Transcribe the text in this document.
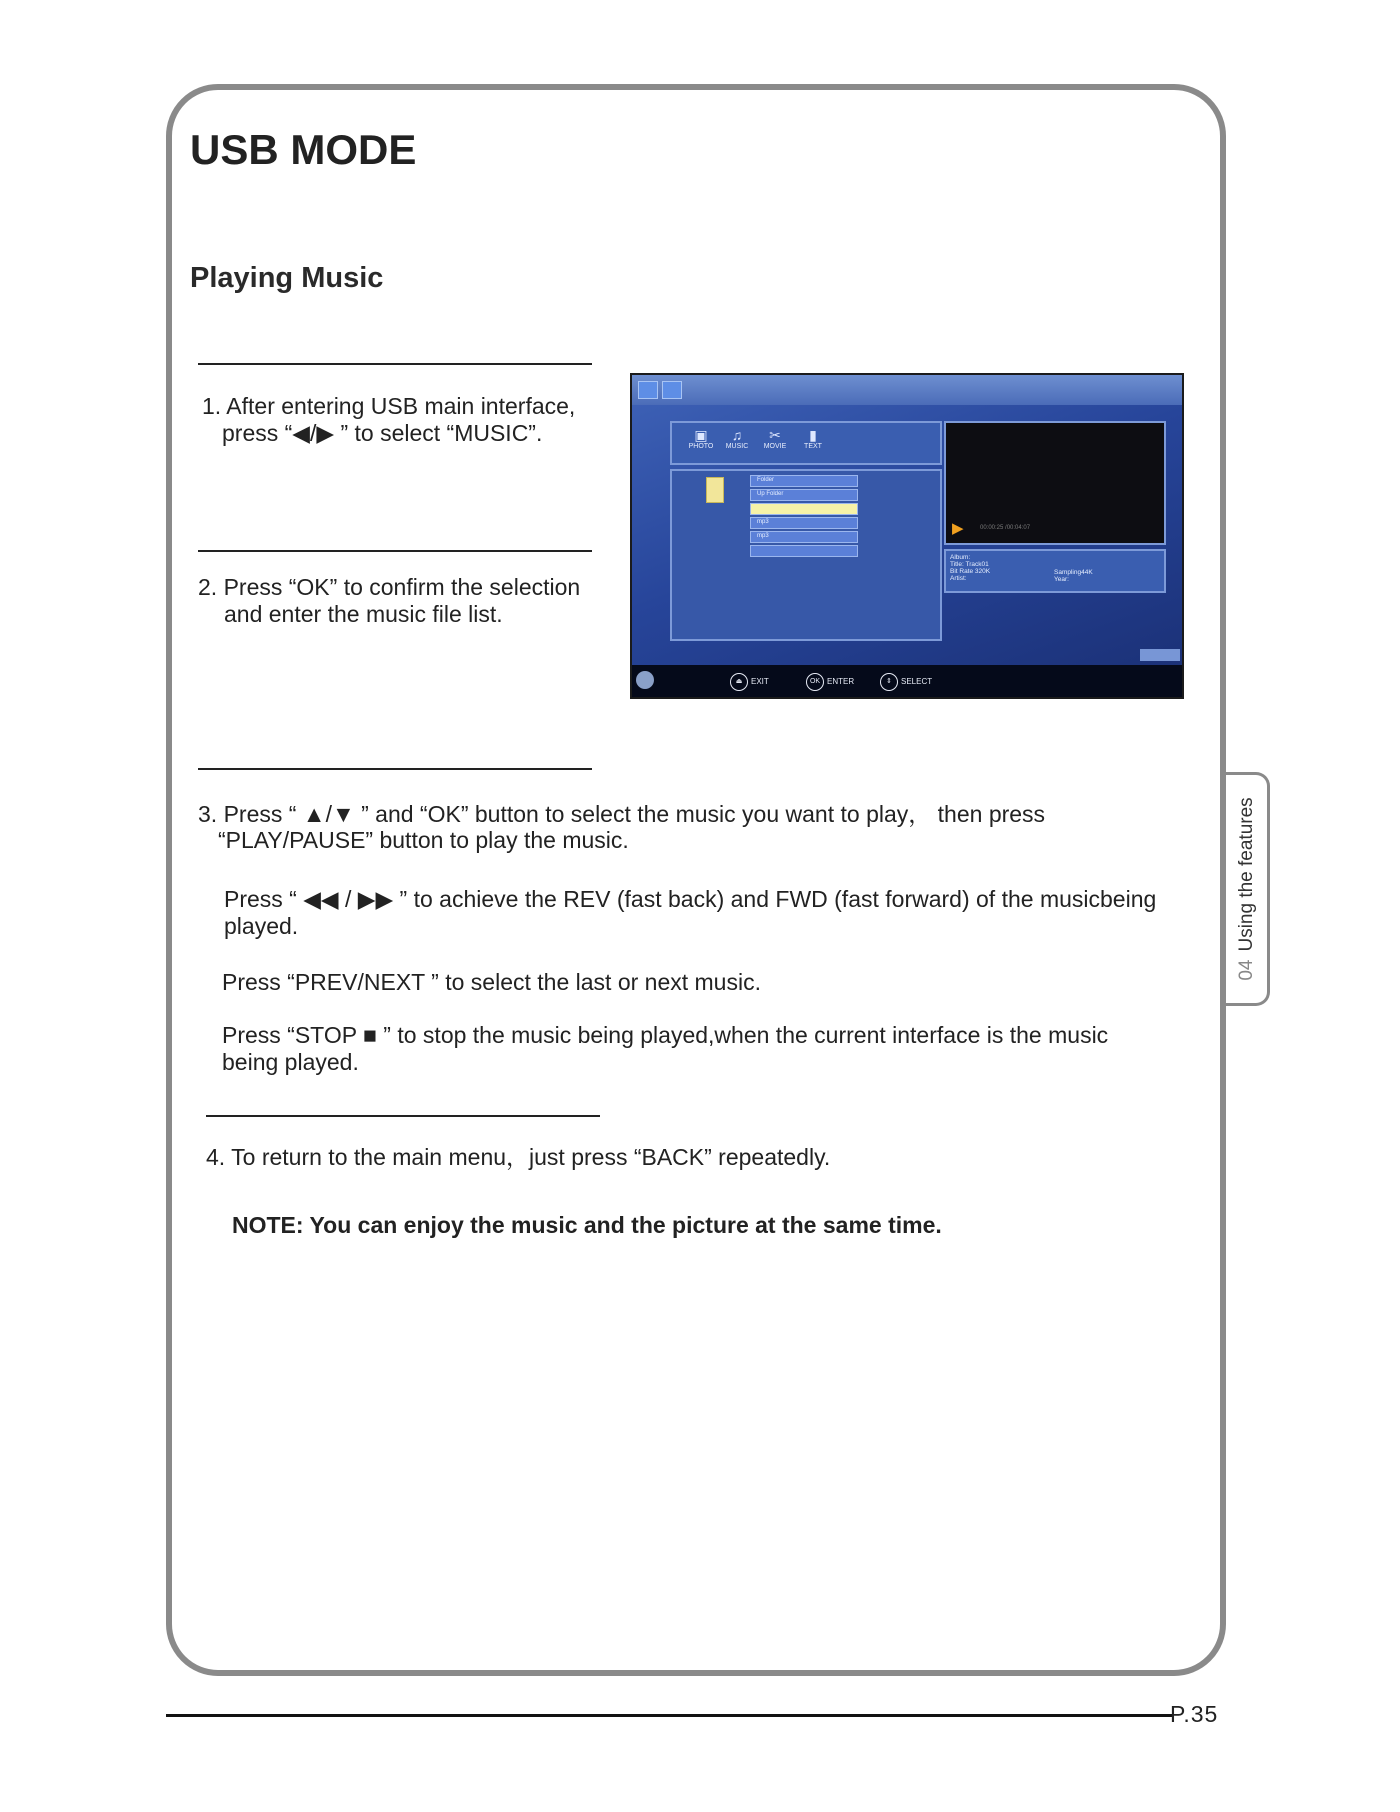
USB MODE
Playing Music
1. After entering USB main interface,
press “◀/▶ ” to select “MUSIC”.
2. Press “OK” to confirm the selection
and enter the music file list.
▣
PHOTO
♫
MUSIC
✂
MOVIE
▮
TEXT
Folder
Up Folder
mp3
mp3	▶	00:00:25 /00:04:07
Album:
Title: Track01
Bit Rate 320K
Artist:
Sampling44K
Year:
⏏ EXIT	OK ENTER	⇕ SELECT
3. Press “ ▲/▼ ” and “OK” button to select the music you want to play， then press
“PLAY/PAUSE” button to play the music.
Press “ ◀◀ / ▶▶ ” to achieve the REV (fast back) and FWD (fast forward) of the musicbeing
played.
Press “PREV/NEXT ” to select the last or next music.
Press “STOP ■ ” to stop the music being played,when the current interface is the music
being played.
4. To return to the main menu，just press “BACK” repeatedly.
NOTE: You can enjoy the music and the picture at the same time.
04Using the features
P.35
